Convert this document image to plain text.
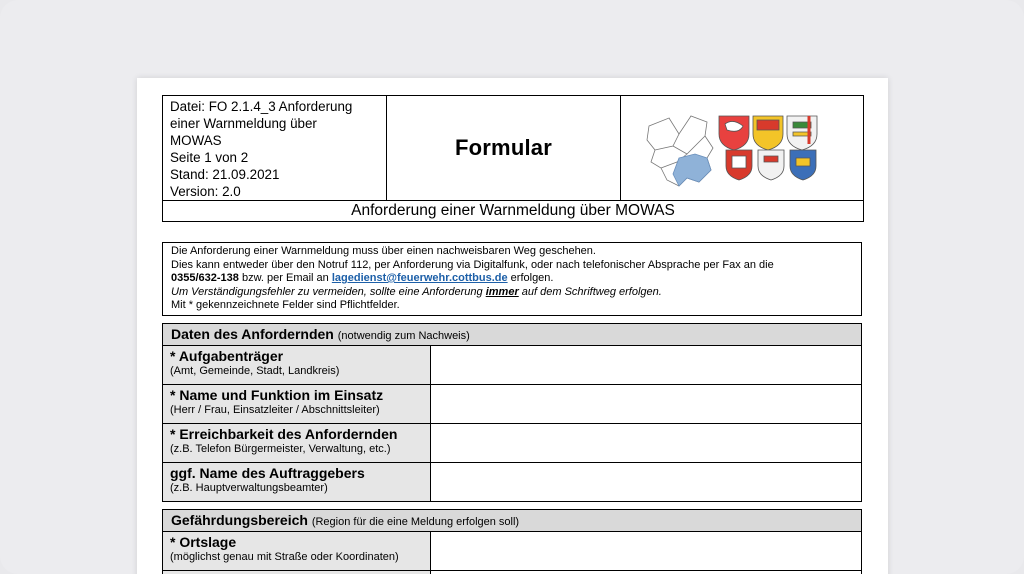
Datei: FO 2.1.4_3 Anforderung
einer Warnmeldung über
MOWAS
Seite 1 von 2
Stand: 21.09.2021
Version: 2.0
Formular
Anforderung einer Warnmeldung über MOWAS
Die Anforderung einer Warnmeldung muss über einen nachweisbaren Weg geschehen.
Dies kann entweder über den Notruf 112, per Anforderung via Digitalfunk, oder nach telefonischer Absprache per Fax an die
0355/632-138 bzw. per Email an lagedienst@feuerwehr.cottbus.de erfolgen.
Um Verständigungsfehler zu vermeiden, sollte eine Anforderung immer auf dem Schriftweg erfolgen.
Mit * gekennzeichnete Felder sind Pflichtfelder.
Daten des Anfordernden (notwendig zum Nachweis)
* Aufgabenträger
(Amt, Gemeinde, Stadt, Landkreis)
* Name und Funktion im Einsatz
(Herr / Frau, Einsatzleiter / Abschnittsleiter)
* Erreichbarkeit des Anfordernden
(z.B. Telefon Bürgermeister, Verwaltung, etc.)
ggf. Name des Auftraggebers
(z.B. Hauptverwaltungsbeamter)
Gefährdungsbereich (Region für die eine Meldung erfolgen soll)
* Ortslage
(möglichst genau mit Straße oder Koordinaten)
